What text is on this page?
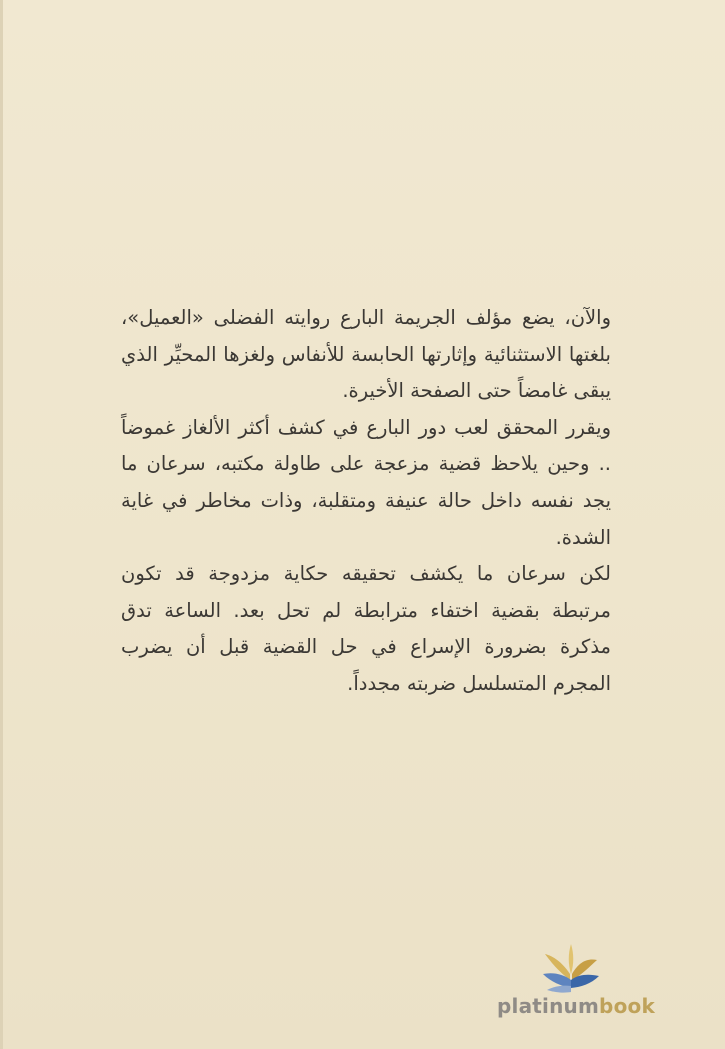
والآن، يضع مؤلف الجريمة البارع روايته الفضلى «العميل»، بلغتها الاستثنائية وإثارتها الحابسة للأنفاس ولغزها المحيِّر الذي يبقى غامضاً حتى الصفحة الأخيرة.

ويقرر المحقق لعب دور البارع في كشف أكثر الألغاز غموضاً .. وحين يلاحظ قضية مزعجة على طاولة مكتبه، سرعان ما يجد نفسه داخل حالة عنيفة ومتقلبة، وذات مخاطر في غاية الشدة.

لكن سرعان ما يكشف تحقيقه حكاية مزدوجة قد تكون مرتبطة بقضية اختفاء مترابطة لم تحل بعد. الساعة تدق مذكرة بضرورة الإسراع في حل القضية قبل أن يضرب المجرم المتسلسل ضربته مجدداً.

platinumbook
